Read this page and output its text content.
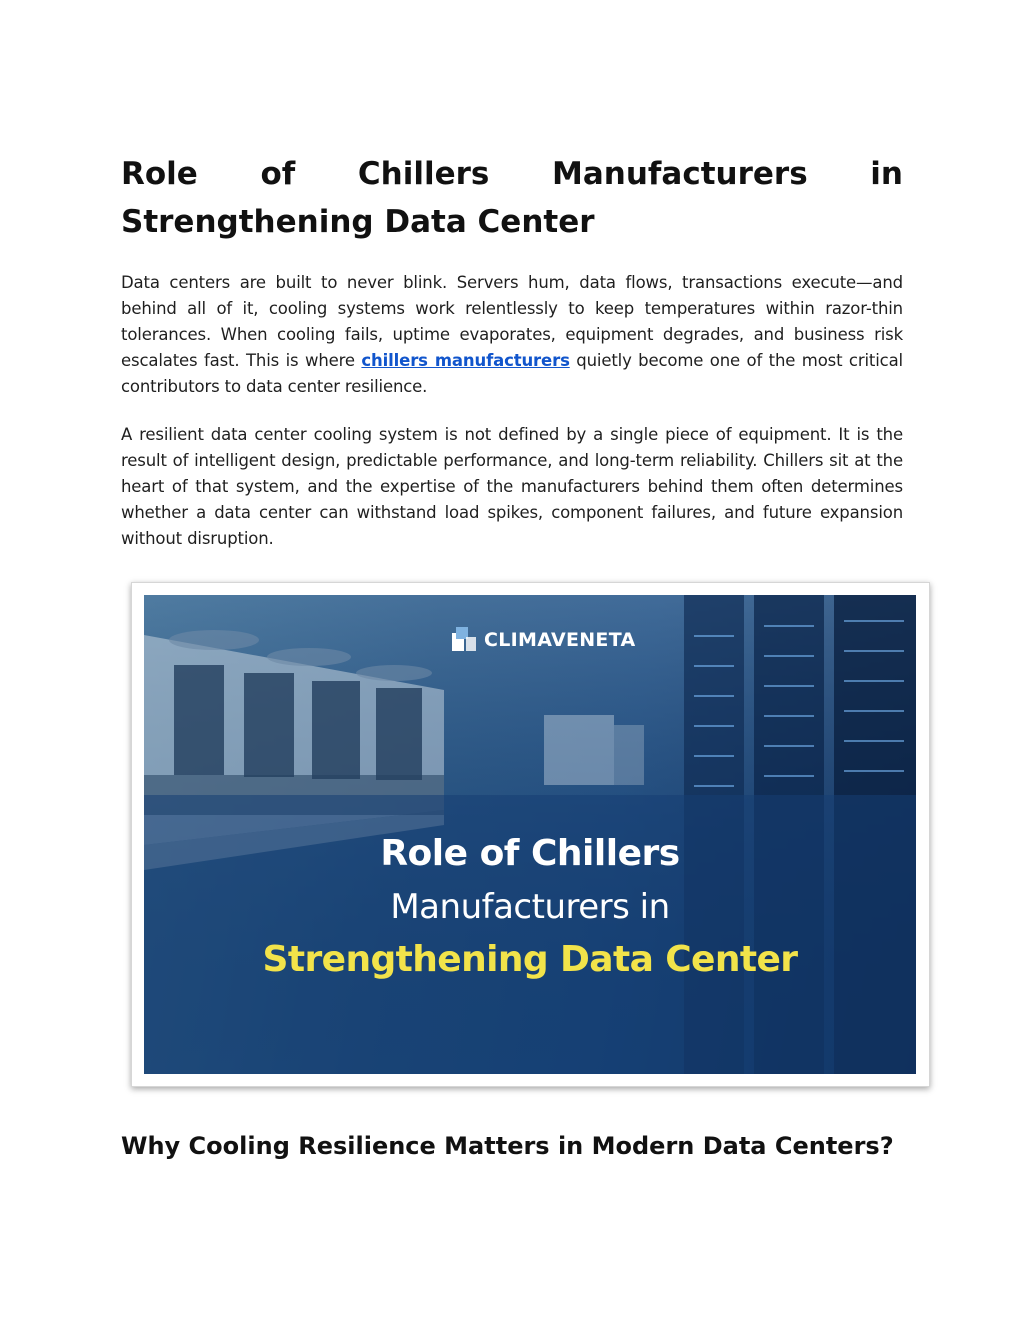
Role of Chillers Manufacturers in
Strengthening Data Center

Data centers are built to never blink. Servers hum, data flows, transactions execute—and behind all of it, cooling systems work relentlessly to keep temperatures within razor-thin tolerances. When cooling fails, uptime evaporates, equipment degrades, and business risk escalates fast. This is where chillers manufacturers quietly become one of the most critical contributors to data center resilience.

A resilient data center cooling system is not defined by a single piece of equipment. It is the result of intelligent design, predictable performance, and long-term reliability. Chillers sit at the heart of that system, and the expertise of the manufacturers behind them often determines whether a data center can withstand load spikes, component failures, and future expansion without disruption.

CLIMAVENETA
Role of Chillers
Manufacturers in
Strengthening Data Center
Why Cooling Resilience Matters in Modern Data Centers?
